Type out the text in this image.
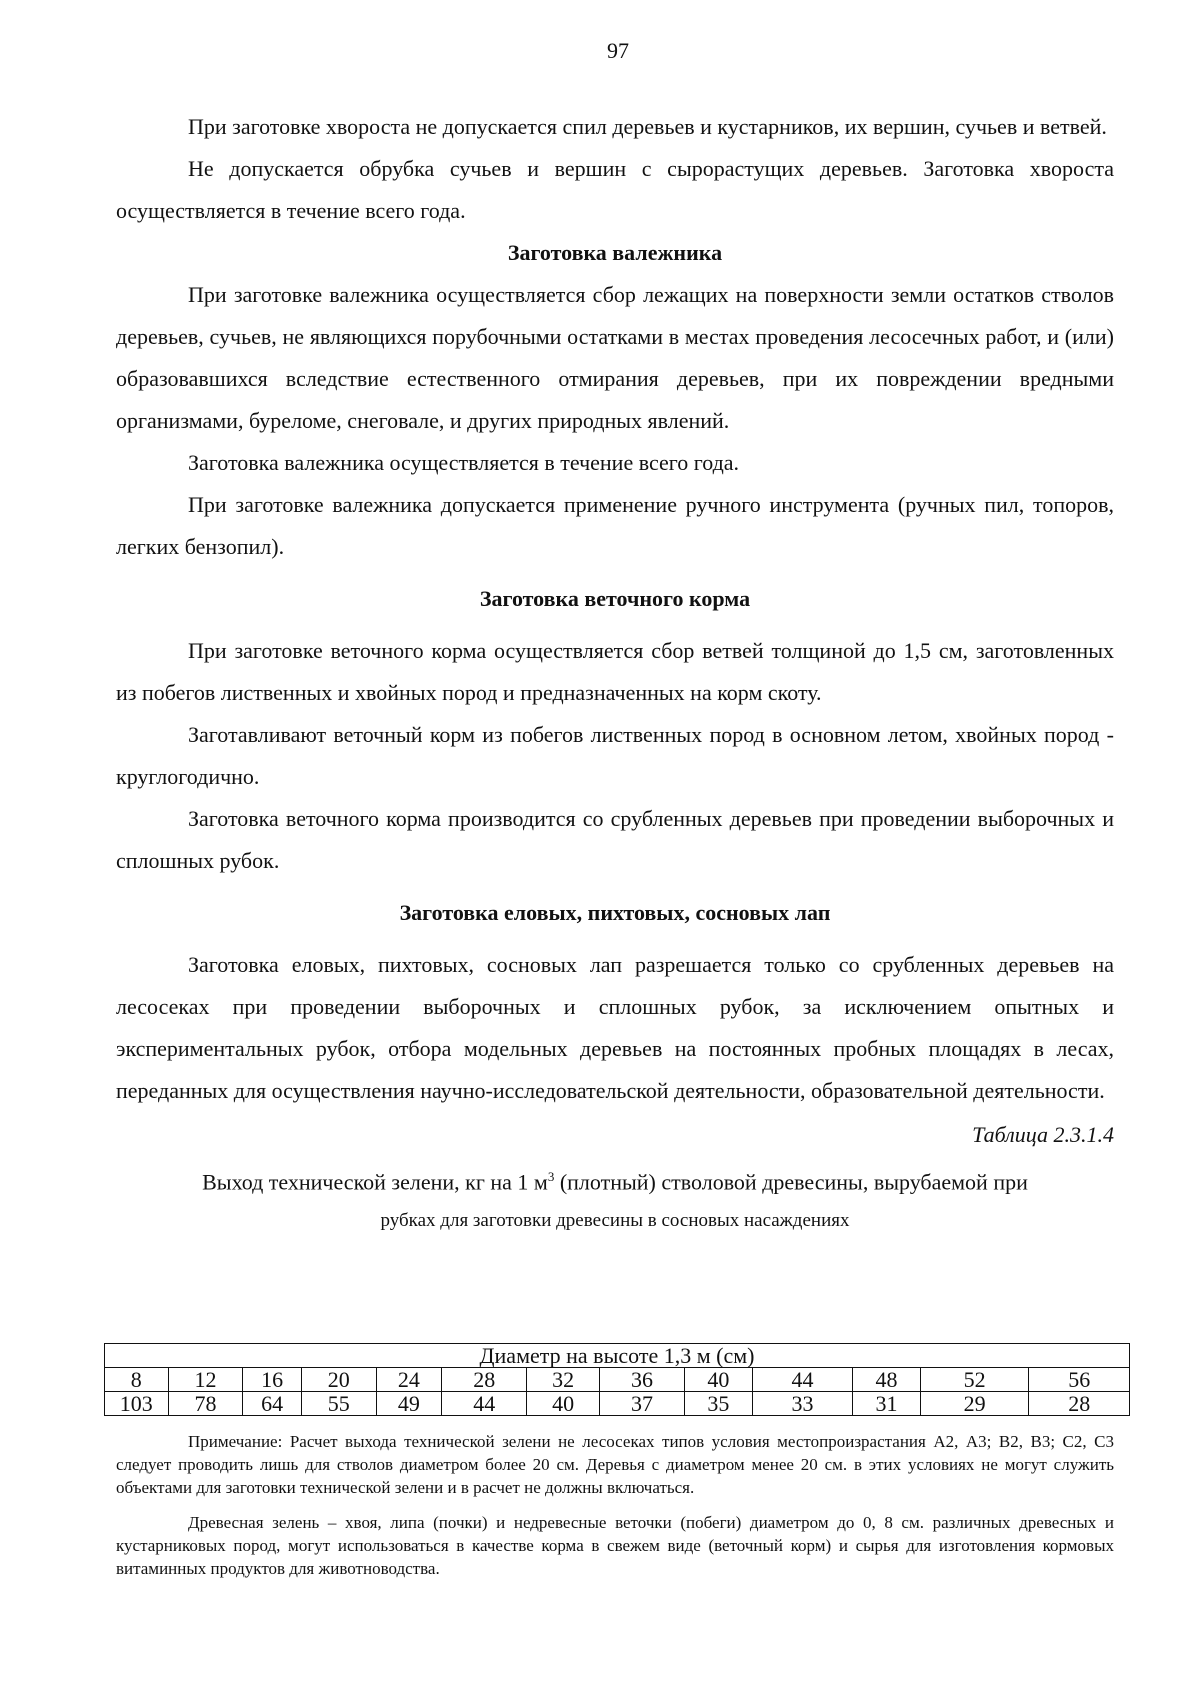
97

При заготовке хвороста не допускается спил деревьев и кустарников, их вершин, сучьев и ветвей.

Не допускается обрубка сучьев и вершин с сырорастущих деревьев. Заготовка хвороста осуществляется в течение всего года.

Заготовка валежника

При заготовке валежника осуществляется сбор лежащих на поверхности земли остатков стволов деревьев, сучьев, не являющихся порубочными остатками в местах проведения лесосечных работ, и (или) образовавшихся вследствие естественного отмирания деревьев, при их повреждении вредными организмами, буреломе, снеговале, и других природных явлений.

Заготовка валежника осуществляется в течение всего года.

При заготовке валежника допускается применение ручного инструмента (ручных пил, топоров, легких бензопил).

Заготовка веточного корма

При заготовке веточного корма осуществляется сбор ветвей толщиной до 1,5 см, заготовленных из побегов лиственных и хвойных пород и предназначенных на корм скоту.

Заготавливают веточный корм из побегов лиственных пород в основном летом, хвойных пород - круглогодично.

Заготовка веточного корма производится со срубленных деревьев при проведении выборочных и сплошных рубок.

Заготовка еловых, пихтовых, сосновых лап

Заготовка еловых, пихтовых, сосновых лап разрешается только со срубленных деревьев на лесосеках при проведении выборочных и сплошных рубок, за исключением опытных и экспериментальных рубок, отбора модельных деревьев на постоянных пробных площадях в лесах, переданных для осуществления научно-исследовательской деятельности, образовательной деятельности.

Таблица 2.3.1.4

Выход технической зелени, кг на 1 $м^3$ (плотный) стволовой древесины, вырубаемой при

рубках для заготовки древесины в сосновых насаждениях

Диаметр на высоте 1,3 м (см)												
8	12	16	20	24	28	32	36	40	44	48	52	56
103	78	64	55	49	44	40	37	35	33	31	29	28

Примечание: Расчет выхода технической зелени не лесосеках типов условия местопроизрастания А2, А3; В2, В3; С2, С3 следует проводить лишь для стволов диаметром более 20 см. Деревья с диаметром менее 20 см. в этих условиях не могут служить объектами для заготовки технической зелени и в расчет не должны включаться.

Древесная зелень – хвоя, липа (почки) и недревесные веточки (побеги) диаметром до 0, 8 см. различных древесных и кустарниковых пород, могут использоваться в качестве корма в свежем виде (веточный корм) и сырья для изготовления кормовых витаминных продуктов для животноводства.
